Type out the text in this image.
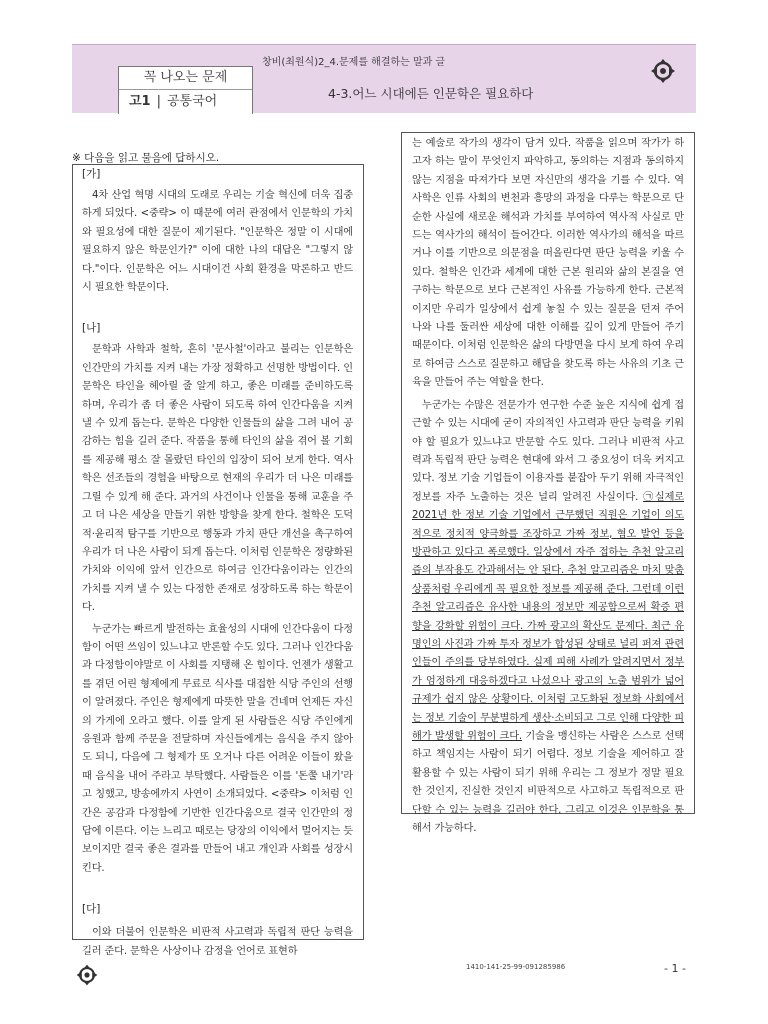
꼭 나오는 문제
고1 | 공통국어
창비(최원식)2_4.문제를 해결하는 말과 글
4-3.어느 시대에든 인문학은 필요하다
※ 다음을 읽고 물음에 답하시오.
[가]

4차 산업 혁명 시대의 도래로 우리는 기술 혁신에 더욱 집중하게 되었다. <중략> 이 때문에 여러 관점에서 인문학의 가치와 필요성에 대한 질문이 제기된다. "인문학은 정말 이 시대에 필요하지 않은 학문인가?" 이에 대한 나의 대답은 "그렇지 않다."이다. 인문학은 어느 시대이건 사회 환경을 막론하고 반드시 필요한 학문이다.

[나]

문학과 사학과 철학, 흔히 '문사철'이라고 불리는 인문학은 인간만의 가치를 지켜 내는 가장 정확하고 선명한 방법이다. 인문학은 타인을 헤아릴 줄 알게 하고, 좋은 미래를 준비하도록 하며, 우리가 좀 더 좋은 사람이 되도록 하여 인간다움을 지켜 낼 수 있게 돕는다. 문학은 다양한 인물들의 삶을 그려 내어 공감하는 힘을 길러 준다. 작품을 통해 타인의 삶을 겪어 볼 기회를 제공해 평소 잘 몰랐던 타인의 입장이 되어 보게 한다. 역사학은 선조들의 경험을 바탕으로 현재의 우리가 더 나은 미래를 그릴 수 있게 해 준다. 과거의 사건이나 인물을 통해 교훈을 주고 더 나은 세상을 만들기 위한 방향을 찾게 한다. 철학은 도덕적·윤리적 탐구를 기반으로 행동과 가치 판단 개선을 촉구하여 우리가 더 나은 사람이 되게 돕는다. 이처럼 인문학은 정량화된 가치와 이익에 앞서 인간으로 하여금 인간다움이라는 인간의 가치를 지켜 낼 수 있는 다정한 존재로 성장하도록 하는 학문이다.

누군가는 빠르게 발전하는 효율성의 시대에 인간다움이 다정함이 어떤 쓰임이 있느냐고 반론할 수도 있다. 그러나 인간다움과 다정함이야말로 이 사회를 지탱해 온 힘이다. 언젠가 생활고를 겪던 어린 형제에게 무료로 식사를 대접한 식당 주인의 선행이 알려졌다. 주인은 형제에게 따뜻한 말을 건네며 언제든 자신의 가게에 오라고 했다. 이를 알게 된 사람들은 식당 주인에게 응원과 함께 주문을 전달하며 자신들에게는 음식을 주지 않아도 되니, 다음에 그 형제가 또 오거나 다른 어려운 이들이 왔을 때 음식을 내어 주라고 부탁했다. 사람들은 이를 '돈쭐 내기'라고 칭했고, 방송에까지 사연이 소개되었다. <중략> 이처럼 인간은 공감과 다정함에 기반한 인간다움으로 결국 인간만의 정답에 이른다. 이는 느리고 때로는 당장의 이익에서 멀어지는 듯 보이지만 결국 좋은 결과를 만들어 내고 개인과 사회를 성장시킨다.

[다]

이와 더불어 인문학은 비판적 사고력과 독립적 판단 능력을 길러 준다. 문학은 사상이나 감정을 언어로 표현하

는 예술로 작가의 생각이 담겨 있다. 작품을 읽으며 작가가 하고자 하는 말이 무엇인지 파악하고, 동의하는 지점과 동의하지 않는 지점을 따져가다 보면 자신만의 생각을 기를 수 있다. 역사학은 인류 사회의 변천과 흥망의 과정을 다루는 학문으로 단순한 사실에 새로운 해석과 가치를 부여하여 역사적 사실로 만드는 역사가의 해석이 들어간다. 이러한 역사가의 해석을 따르거나 이를 기반으로 의문점을 떠올린다면 판단 능력을 키울 수 있다. 철학은 인간과 세계에 대한 근본 원리와 삶의 본질을 연구하는 학문으로 보다 근본적인 사유를 가능하게 한다. 근본적이지만 우리가 일상에서 쉽게 놓칠 수 있는 질문을 던져 주어 나와 나를 둘러싼 세상에 대한 이해를 깊이 있게 만들어 주기 때문이다. 이처럼 인문학은 삶의 다방면을 다시 보게 하여 우리로 하여금 스스로 질문하고 해답을 찾도록 하는 사유의 기초 근육을 만들어 주는 역할을 한다.

누군가는 수많은 전문가가 연구한 수준 높은 지식에 쉽게 접근할 수 있는 시대에 굳이 자의적인 사고력과 판단 능력을 키워야 할 필요가 있느냐고 반문할 수도 있다. 그러나 비판적 사고력과 독립적 판단 능력은 현대에 와서 그 중요성이 더욱 커지고 있다. 정보 기술 기업들이 이용자를 붙잡아 두기 위해 자극적인 정보를 자주 노출하는 것은 널리 알려진 사실이다. ㉠실제로 2021년 한 정보 기술 기업에서 근무했던 직원은 기업이 의도적으로 정치적 양극화를 조장하고 가짜 정보, 혐오 발언 등을 방관하고 있다고 폭로했다. 일상에서 자주 접하는 추천 알고리즘의 부작용도 간과해서는 안 된다. 추천 알고리즘은 마치 맞춤 상품처럼 우리에게 꼭 필요한 정보를 제공해 준다. 그런데 이런 추천 알고리즘은 유사한 내용의 정보만 제공함으로써 확증 편향을 강화할 위험이 크다. 가짜 광고의 확산도 문제다. 최근 유명인의 사진과 가짜 투자 정보가 합성된 상태로 널리 퍼져 관련인들이 주의를 당부하였다. 실제 피해 사례가 알려지면서 정부가 엄정하게 대응하겠다고 나섰으나 광고의 노출 범위가 넓어 규제가 쉽지 않은 상황이다. 이처럼 고도화된 정보화 사회에서는 정보 기술이 무분별하게 생산·소비되고 그로 인해 다양한 피해가 발생할 위험이 크다. 기술을 맹신하는 사람은 스스로 선택하고 책임지는 사람이 되기 어렵다. 정보 기술을 제어하고 잘 활용할 수 있는 사람이 되기 위해 우리는 그 정보가 정말 필요한 것인지, 진실한 것인지 비판적으로 사고하고 독립적으로 판단할 수 있는 능력을 길러야 한다. 그리고 이것은 인문학을 통해서 가능하다.

1410-141-25-99-091285986	- 1 -
